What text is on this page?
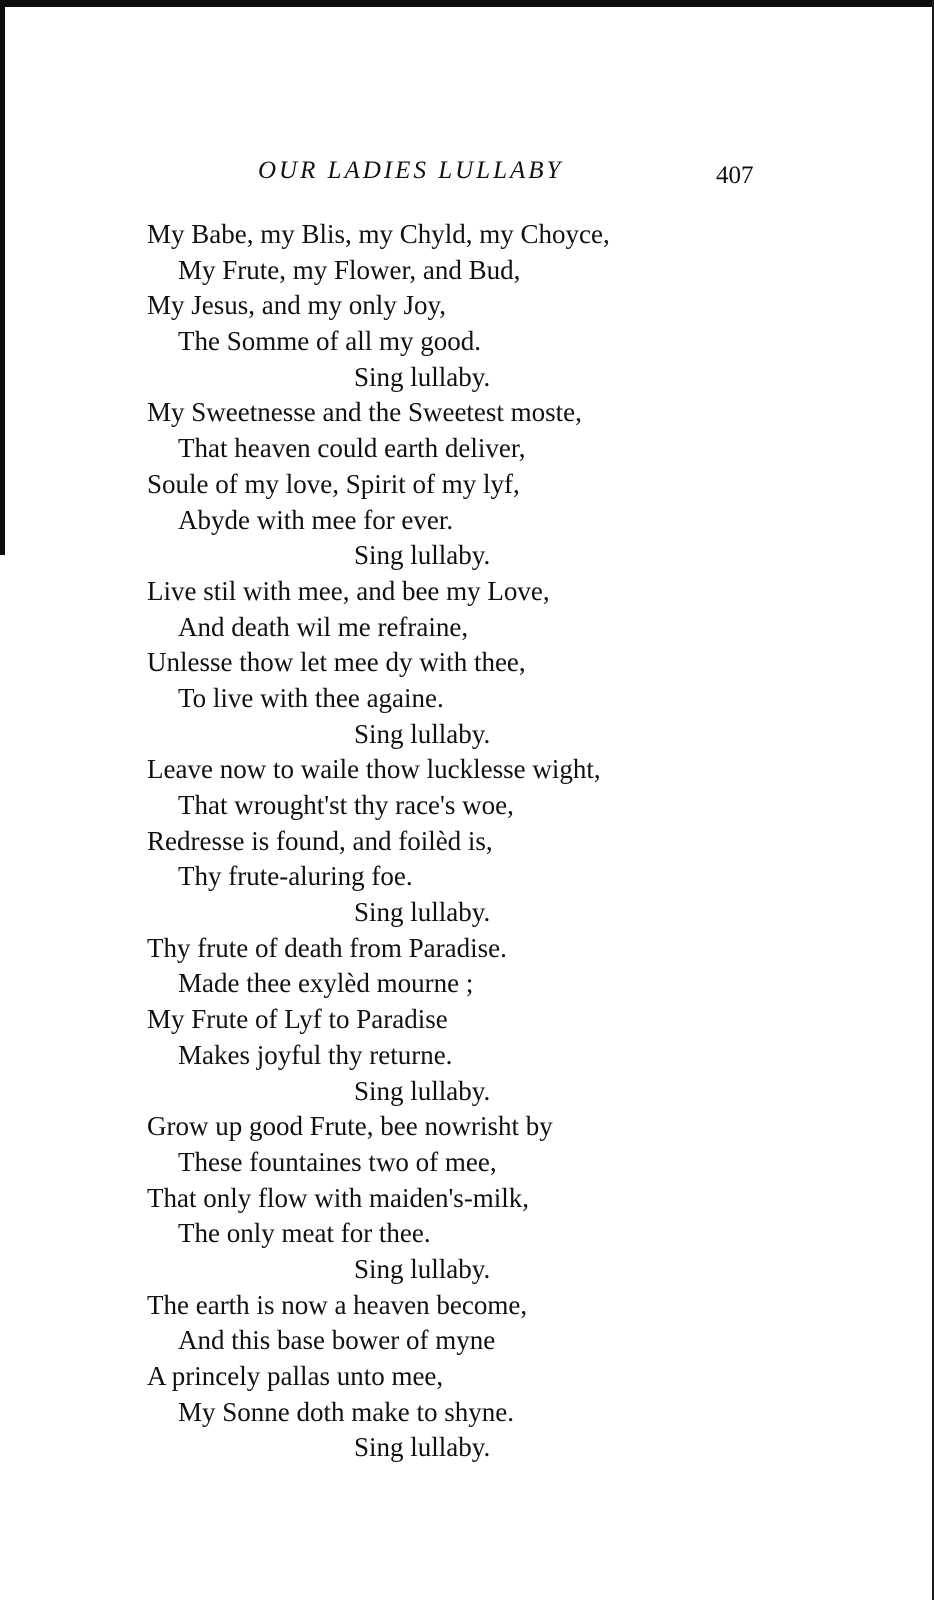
OUR LADIES LULLABY	407
My Babe, my Blis, my Chyld, my Choyce,
My Frute, my Flower, and Bud,
My Jesus, and my only Joy,
The Somme of all my good.
Sing lullaby.
My Sweetnesse and the Sweetest moste,
That heaven could earth deliver,
Soule of my love, Spirit of my lyf,
Abyde with mee for ever.
Sing lullaby.
Live stil with mee, and bee my Love,
And death wil me refraine,
Unlesse thow let mee dy with thee,
To live with thee againe.
Sing lullaby.
Leave now to waile thow lucklesse wight,
That wrought'st thy race's woe,
Redresse is found, and foilèd is,
Thy frute-aluring foe.
Sing lullaby.
Thy frute of death from Paradise.
Made thee exylèd mourne ;
My Frute of Lyf to Paradise
Makes joyful thy returne.
Sing lullaby.
Grow up good Frute, bee nowrisht by
These fountaines two of mee,
That only flow with maiden's-milk,
The only meat for thee.
Sing lullaby.
The earth is now a heaven become,
And this base bower of myne
A princely pallas unto mee,
My Sonne doth make to shyne.
Sing lullaby.
